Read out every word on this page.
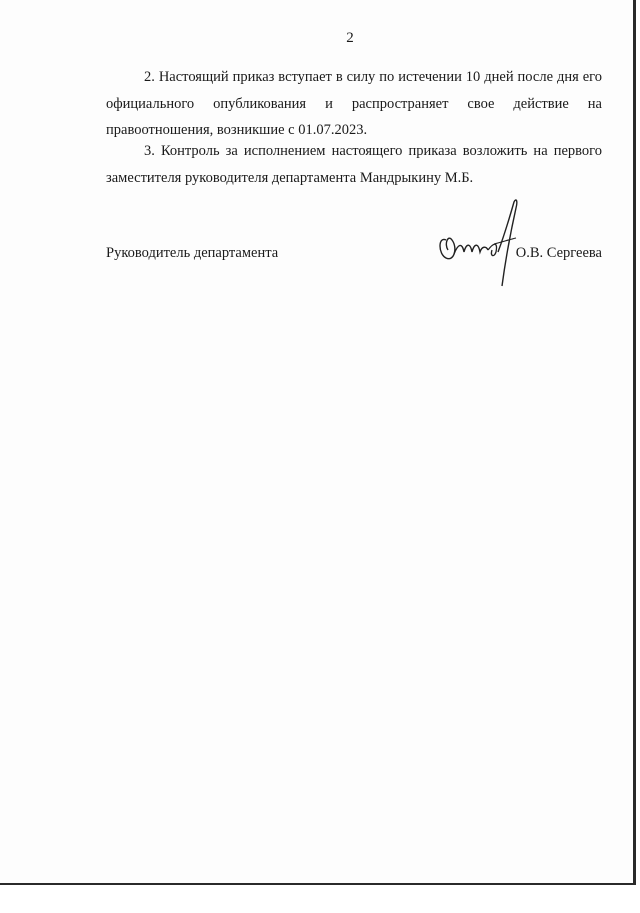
2

2. Настоящий приказ вступает в силу по истечении 10 дней после дня его официального опубликования и распространяет свое действие на правоотношения, возникшие с 01.07.2023.

3. Контроль за исполнением настоящего приказа возложить на первого заместителя руководителя департамента Мандрыкину М.Б.

Руководитель департамента	О.В. Сергеева
